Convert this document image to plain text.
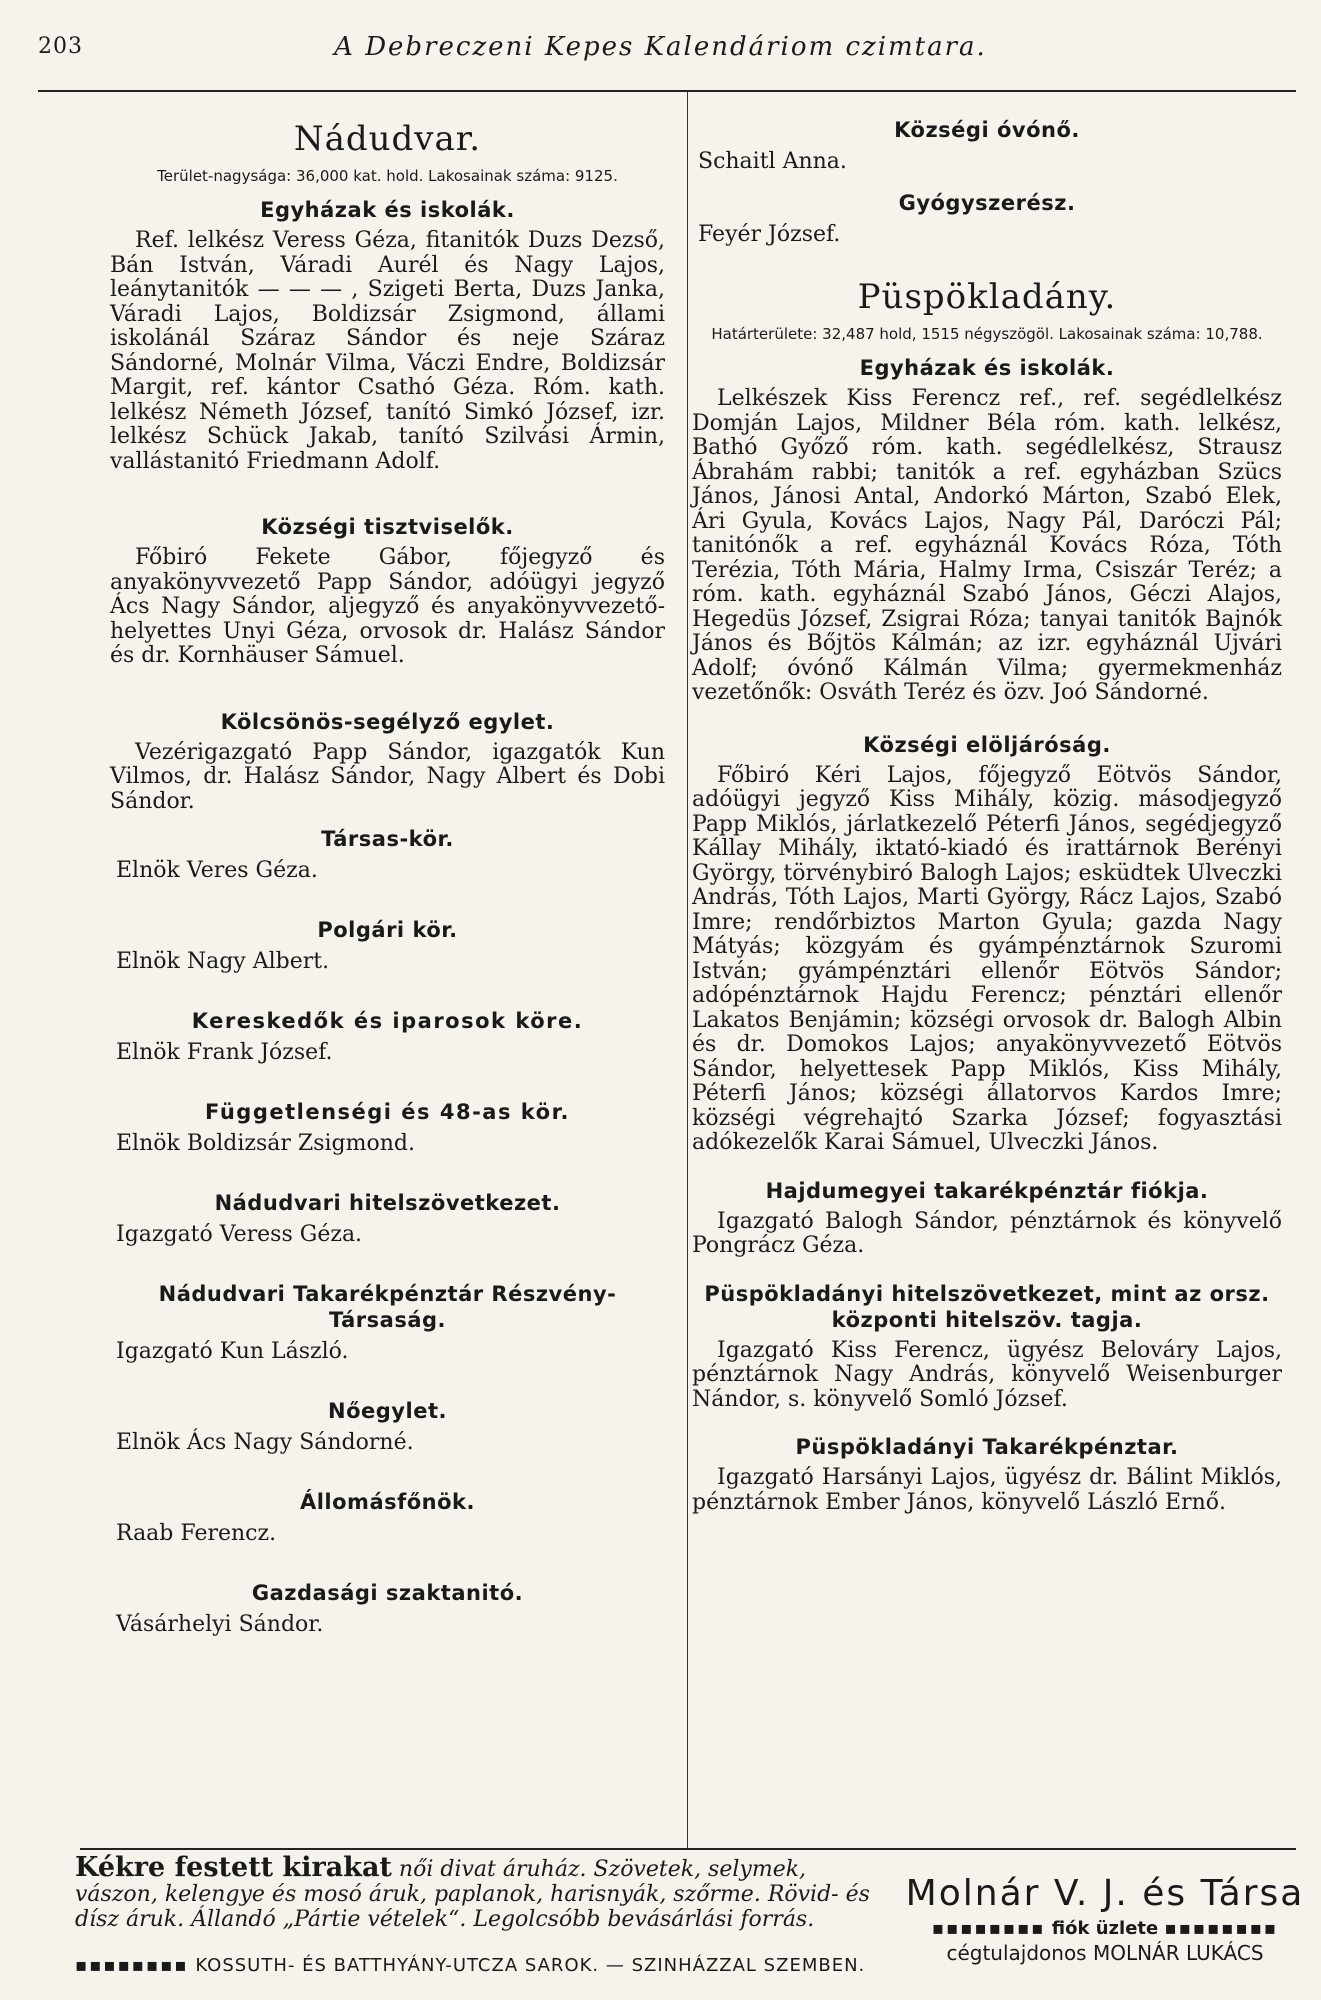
203	A Debreczeni Kepes Kalendáriom czimtara.
Nádudvar.
Terület-nagysága: 36,000 kat. hold. Lakosainak száma: 9125.
Egyházak és iskolák.

Ref. lelkész Veress Géza, fitanitók Duzs Dezső, Bán István, Váradi Aurél és Nagy Lajos, leánytanitók — — — , Szigeti Berta, Duzs Janka, Váradi Lajos, Boldizsár Zsigmond, állami iskolánál Száraz Sándor és neje Száraz Sándorné, Molnár Vilma, Váczi Endre, Boldizsár Margit, ref. kántor Csathó Géza. Róm. kath. lelkész Németh József, tanító Simkó József, izr. lelkész Schück Jakab, tanító Szilvási Ármin, vallástanitó Friedmann Adolf.

Községi tisztviselők.

Főbiró Fekete Gábor, főjegyző és anyakönyvvezető Papp Sándor, adóügyi jegyző Ács Nagy Sándor, aljegyző és anyakönyvvezető-helyettes Unyi Géza, orvosok dr. Halász Sándor és dr. Kornhäuser Sámuel.

Kölcsönös-segélyző egylet.

Vezérigazgató Papp Sándor, igazgatók Kun Vilmos, dr. Halász Sándor, Nagy Albert és Dobi Sándor.

Társas-kör.
Elnök Veres Géza.
Polgári kör.
Elnök Nagy Albert.
Kereskedők és iparosok köre.
Elnök Frank József.
Függetlenségi és 48-as kör.
Elnök Boldizsár Zsigmond.
Nádudvari hitelszövetkezet.
Igazgató Veress Géza.
Nádudvari Takarékpénztár Részvény-Társaság.
Igazgató Kun László.
Nőegylet.
Elnök Ács Nagy Sándorné.
Állomásfőnök.
Raab Ferencz.
Gazdasági szaktanitó.
Vásárhelyi Sándor.
Községi óvónő.
Schaitl Anna.
Gyógyszerész.
Feyér József.
Püspökladány.
Határterülete: 32,487 hold, 1515 négyszögöl. Lakosainak száma: 10,788.
Egyházak és iskolák.

Lelkészek Kiss Ferencz ref., ref. segédlelkész Domján Lajos, Mildner Béla róm. kath. lelkész, Bathó Győző róm. kath. segédlelkész, Strausz Ábrahám rabbi; tanitók a ref. egyházban Szücs János, Jánosi Antal, Andorkó Márton, Szabó Elek, Ári Gyula, Kovács Lajos, Nagy Pál, Daróczi Pál; tanitónők a ref. egyháznál Kovács Róza, Tóth Terézia, Tóth Mária, Halmy Irma, Csiszár Teréz; a róm. kath. egyháznál Szabó János, Géczi Alajos, Hegedüs József, Zsigrai Róza; tanyai tanitók Bajnók János és Bőjtös Kálmán; az izr. egyháznál Ujvári Adolf; óvónő Kálmán Vilma; gyermekmenház vezetőnők: Osváth Teréz és özv. Joó Sándorné.

Községi elöljáróság.

Főbiró Kéri Lajos, főjegyző Eötvös Sándor, adóügyi jegyző Kiss Mihály, közig. másodjegyző Papp Miklós, járlatkezelő Péterfi János, segédjegyző Kállay Mihály, iktató-kiadó és irattárnok Berényi György, törvénybiró Balogh Lajos; esküdtek Ulveczki András, Tóth Lajos, Marti György, Rácz Lajos, Szabó Imre; rendőrbiztos Marton Gyula; gazda Nagy Mátyás; közgyám és gyámpénztárnok Szuromi István; gyámpénztári ellenőr Eötvös Sándor; adópénztárnok Hajdu Ferencz; pénztári ellenőr Lakatos Benjámin; községi orvosok dr. Balogh Albin és dr. Domokos Lajos; anyakönyvvezető Eötvös Sándor, helyettesek Papp Miklós, Kiss Mihály, Péterfi János; községi állatorvos Kardos Imre; községi végrehajtó Szarka József; fogyasztási adókezelők Karai Sámuel, Ulveczki János.

Hajdumegyei takarékpénztár fiókja.

Igazgató Balogh Sándor, pénztárnok és könyvelő Pongrácz Géza.

Püspökladányi hitelszövetkezet, mint az orsz. központi hitelszöv. tagja.

Igazgató Kiss Ferencz, ügyész Belováry Lajos, pénztárnok Nagy András, könyvelő Weisenburger Nándor, s. könyvelő Somló József.

Püspökladányi Takarékpénztar.

Igazgató Harsányi Lajos, ügyész dr. Bálint Miklós, pénztárnok Ember János, könyvelő László Ernő.

Kékre festett kirakat női divat áruház. Szövetek, selymek, vászon, kelengye és mosó áruk, paplanok, harisnyák, szőrme. Rövid- és dísz áruk. Állandó „Pártie vételek“. Legolcsóbb bevásárlási forrás.
▪▪▪▪▪▪▪▪ KOSSUTH- ÉS BATTHYÁNY-UTCZA SAROK. — SZINHÁZZAL SZEMBEN.
Molnár V. J. és Társa
▪▪▪▪▪▪▪▪ fiók üzlete ▪▪▪▪▪▪▪▪
cégtulajdonos MOLNÁR LUKÁCS
